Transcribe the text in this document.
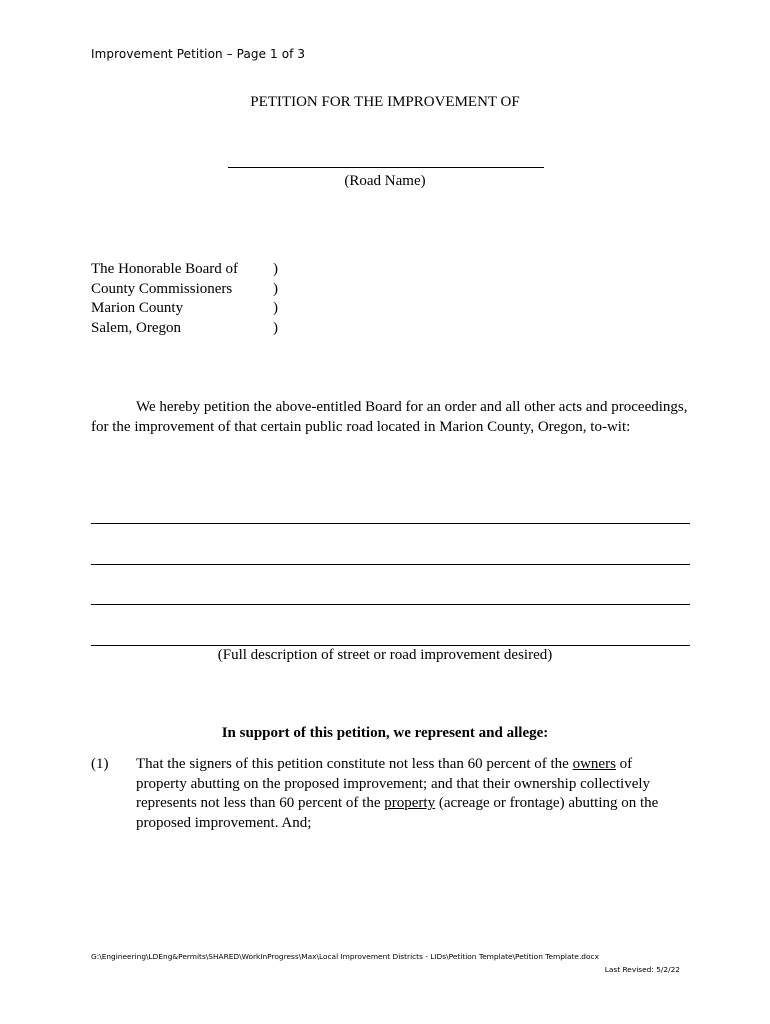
Improvement Petition – Page 1 of 3
PETITION FOR THE IMPROVEMENT OF
(Road Name)
The Honorable Board of	)
County Commissioners	)
Marion County	)
Salem, Oregon	)
We hereby petition the above-entitled Board for an order and all other acts and proceedings, for the improvement of that certain public road located in Marion County, Oregon, to-wit:
(Full description of street or road improvement desired)
In support of this petition, we represent and allege:
(1)	That the signers of this petition constitute not less than 60 percent of the owners of property abutting on the proposed improvement; and that their ownership collectively represents not less than 60 percent of the property (acreage or frontage) abutting on the proposed improvement. And;
G:\Engineering\LDEng&Permits\SHARED\WorkInProgress\Max\Local Improvement Districts - LIDs\Petition Template\Petition Template.docx
Last Revised: 5/2/22
